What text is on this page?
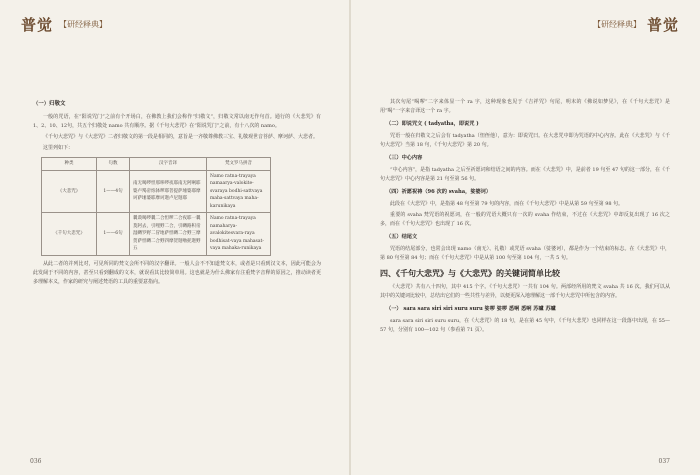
普觉 【研经释典】
（一）归敬文
一般的咒语，在“阳说咒门”之前有个开场白，在佛教上我们会称作“归敬文”，归敬文常以南无作句首。通行的《大悲咒》有1、2、10、12句，共五个归敬处 namo 共有顺序。据《千句大悲咒》在“阳说咒门”之前，有十八次的 namo。
《千句大悲咒》与《大悲咒》二者归敬文的第一段是相同的，意旨是一齐敬尊佛教三宝、礼敬观世音菩萨、摩诃萨、大悲者。
这里列如下：
种类	句数	汉字音译	梵文罗马拼音
《大悲咒》	1——4句	南无喝啰怛那哆啰夜耶南无阿唎耶婆卢羯帝烁钵啰耶菩提萨埵婆耶摩诃萨埵婆耶摩诃迦卢尼迦耶	Namo ratna-trayaya namaarya-valokite-svaraya bodhi-sattvaya maha-sattvaya maha-karunikaya
《千句大悲咒》	1——6句	曩谟喝啰曩二合怛啰二合夜耶一曩莫阿去，引哩野二合，引嚩路积帝湿嚩罗野二冒地萨怛嚩二合野三摩贺萨怛嚩二合野四摩贺迦嚕抳迦野五	Namo ratna-trayaya namaharya-avalokitesvara-raya bodhisat-vaya mahasat-vaya mahaka-runikaya
从此二者的并列比对，可见所同的梵文会所不同的汉字翻译。一般人会不不知道梵文本，或者是只看到汉文本，因此可能会为此发阔于不同的内容，甚至只看到翻成的文本，就误看其比较简单用。这也就是为什么佛家有注重梵字音释的原因之，推动读者更多理解本义，作家的研究与阐述梵语的工具的重要意指向。
036
【研经释典】 普觉
其次句尾“喝啰”二字来体显一个 ra 字，这种现象也见于《吉祥咒》句尾，明末的《佛说如梦见》，在《千句大悲咒》是用“喝”一字来音译这一个 ra 字。
（二）即说咒文 ( tadyatha，即说咒 )
咒语一般在归敬文之后会有 tadyatha（怛侄他），意为：即说咒曰。在大悲咒中即为咒语的中心内容。此在《大悲咒》与《千句大悲咒》当第 18 句，《千句大悲咒》第 20 句。
（三）中心内容
“中心内容”，是指 tadyatha 之后至祈愿词和结语之间的内容。而在《大悲咒》中，是前者 19 句至 47 句的这一部分，在《千句大悲咒》中心内容是第 21 句至第 56 句。
（四）祈愿祝祷（96 次的 svaha，娑婆诃）
此段在《大悲咒》中，是指第 48 句至第 79 句的内容，而在《千句大悲咒》中是从第 59 句至第 98 句。
重要的 svaha 梵咒语的祝愿词，在一般的咒语大概只有一次的 svaha 作结束，不过在《大悲咒》中却反复出现了 16 次之多，而在《千句大悲咒》也出现了 16 次。
（五）结尾文
咒语的结尾部分，也常会出现 namo（南无）、礼敬）或咒语 svaha（娑婆诃），都是作为一个结束的标志。在《大悲咒》中，第 80 句至第 84 句；而在《千句大悲咒》中是从第 100 句至第 104 句，一共 5 句。
四、《千句大悲咒》与《大悲咒》的关键词简单比较
《大悲咒》共有八十四句，其中 415 个字。《千句大悲咒》一共有 104 句。两部经所用的梵文 svaha 共 16 次。我们可以从其中的关键词比较中，总结出它们的一些共性与差异，以便更深入地理解这一部千句大悲咒中所包含的内容。
（一） sara sara siri siri suru suru 娑啰 娑啰 悉唎 悉唎 苏嚧 苏嚧
sara sara siri siri suru suru，在《大悲咒》的 18 句，是在第 45 句中，《千句大悲咒》也同样在这一段落中出现，在 55—57 句，分别有 100—102 句（参看第 71 页）。
037
